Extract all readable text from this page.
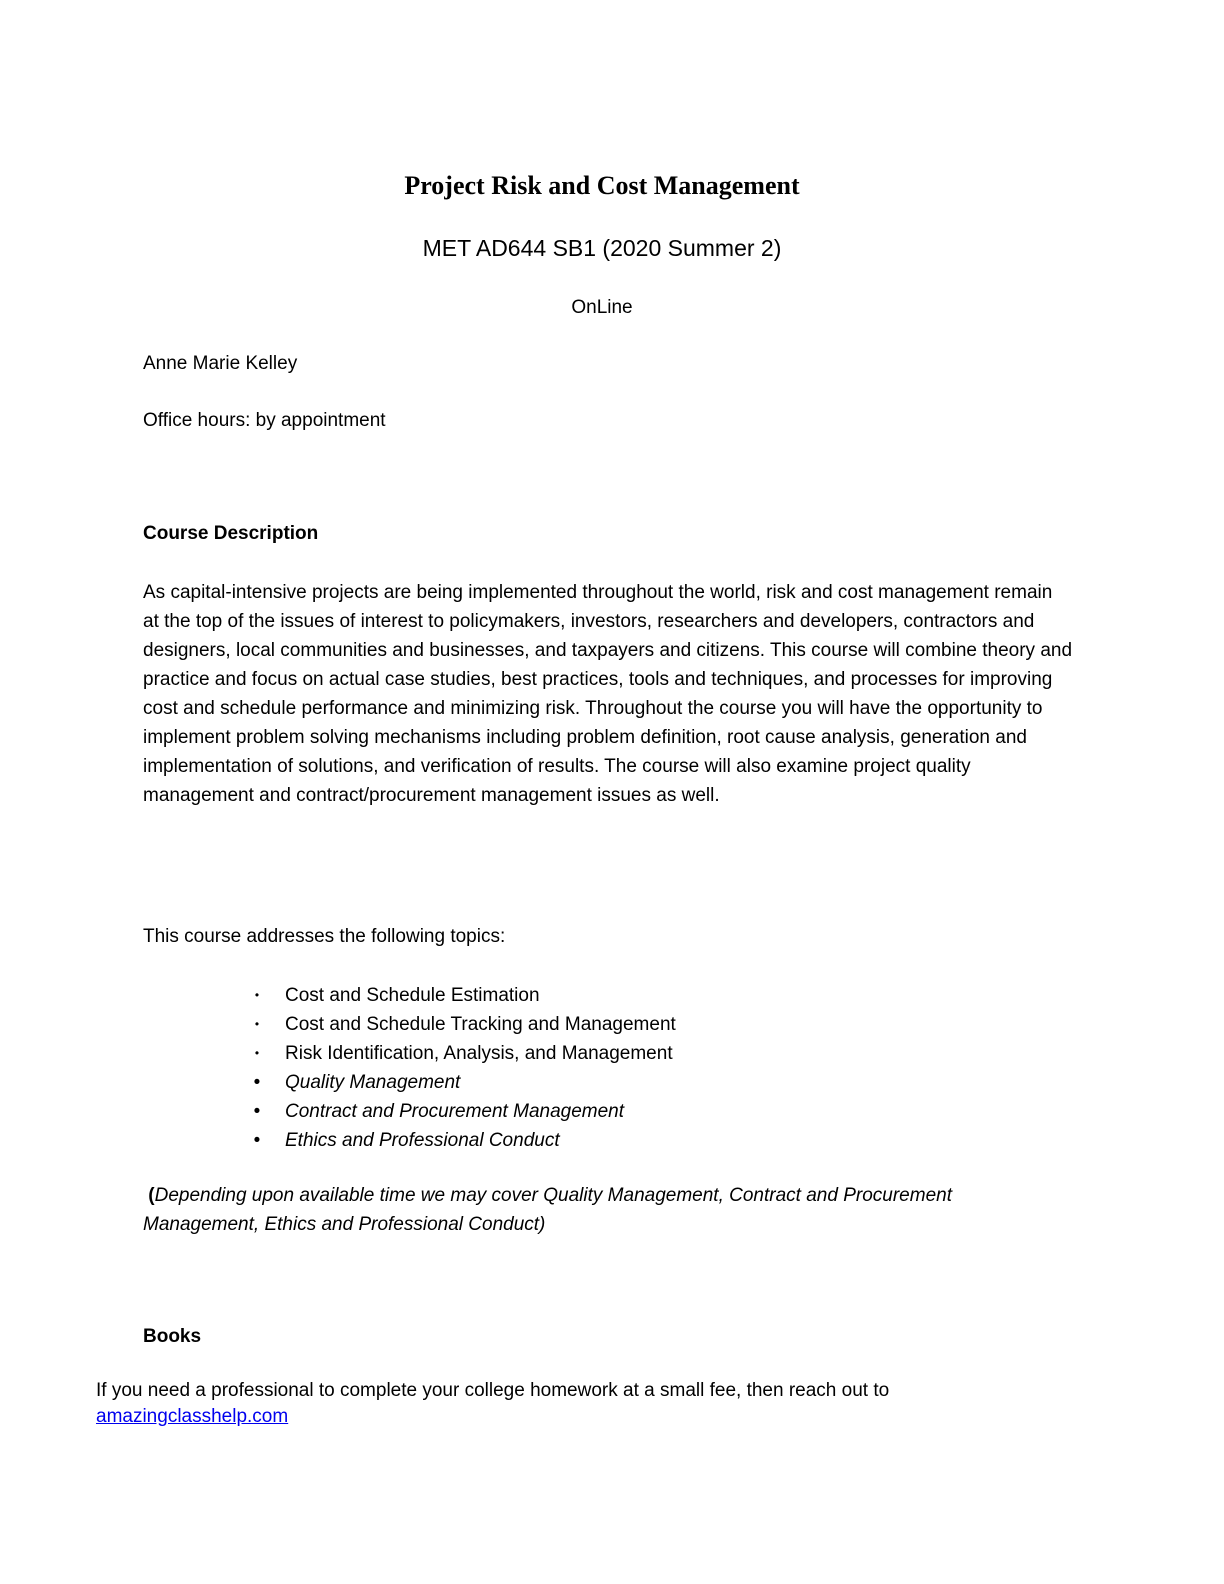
Project Risk and Cost Management

MET AD644 SB1 (2020 Summer 2)

OnLine

Anne Marie Kelley

Office hours: by appointment

Course Description

As capital-intensive projects are being implemented throughout the world, risk and cost management remain at the top of the issues of interest to policymakers, investors, researchers and developers, contractors and designers, local communities and businesses, and taxpayers and citizens. This course will combine theory and practice and focus on actual case studies, best practices, tools and techniques, and processes for improving cost and schedule performance and minimizing risk. Throughout the course you will have the opportunity to implement problem solving mechanisms including problem definition, root cause analysis, generation and implementation of solutions, and verification of results. The course will also examine project quality management and contract/procurement management issues as well.

This course addresses the following topics:

• Cost and Schedule Estimation
• Cost and Schedule Tracking and Management
• Risk Identification, Analysis, and Management
• Quality Management
• Contract and Procurement Management
• Ethics and Professional Conduct

(Depending upon available time we may cover Quality Management, Contract and Procurement Management, Ethics and Professional Conduct)

Books

If you need a professional to complete your college homework at a small fee, then reach out to
amazingclasshelp.com
